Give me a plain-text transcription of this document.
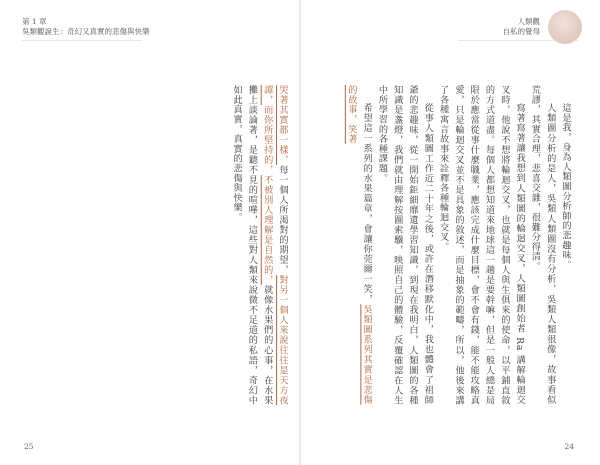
第 1 章
吳類觀誕生：奇幻又真實的悲傷與快樂
人類觀
自私的覺得

這是我，身為人類圖分析師的悲趣味。

人類圖分析的是人，吳類人類圖沒有分析，吳類人類很像，故事看似荒謬，其實合理，悲喜交雜，很難分得清。

寫著寫著讓我想到人類圖的輪迴交叉，人類圖創始者 Ra 講解輪迴交叉時，他說不想將輪迴交叉，也就是每個人與生俱來的使命，以平鋪直敘的方式道盡。每個人都想知道來地球這一趟是要幹嘛，但是一般人總是局限於應當從事什麼職業，應該完成什麼目標，會不會有錢，能不能攻略真愛，只是輪迴交叉並不是具象的敘述，而是抽象的範疇，所以，他後來講了各種寓言故事來詮釋各種輪迴交叉。

從事人類圖工作近二十年之後，或許在潛移默化中，我也體會了祖師爺的悲趣味，從一開始鉅細靡遺學習知識，到現在我明白，人類圖的各種知識是盞燈，我們就由理解按圖索驥，映照自己的體驗，反覆確認在人生中所學習的各種課題。

希望這一系列的水果篇章，會讓你莞爾一笑，吳類圖系列其實是悲傷的故事，笑著

哭著其實都一樣，每一個人所渴對的期望，對另一個人來說往往是天方夜譚，而你所堅持的，不被別人理解是自然的，就像水果們的心事，在水果攤上談論著，是聽不見的喧嘩，這些對人類來說微不足道的私語，奇幻中如此真實，真實的悲傷與快樂。

25	24
